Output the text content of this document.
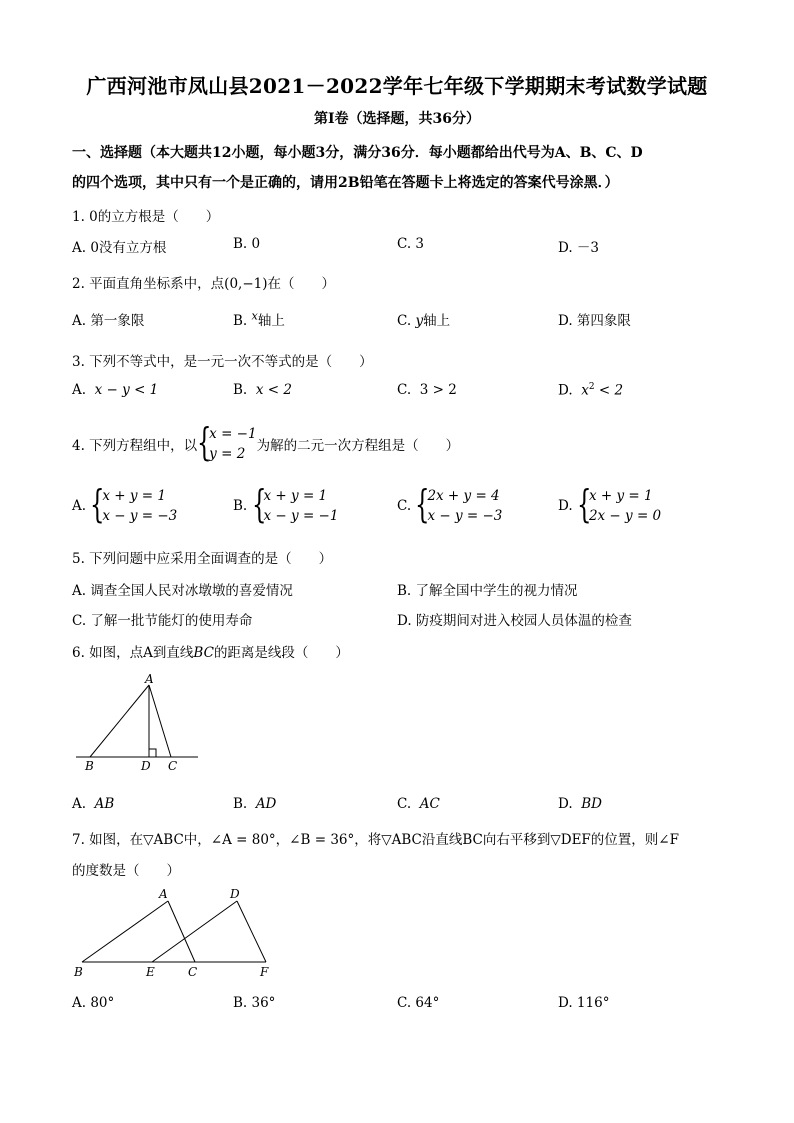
广西河池市凤山县2021－2022学年七年级下学期期末考试数学试题
第Ⅰ卷（选择题，共36分）
一、选择题（本大题共12小题，每小题3分，满分36分．每小题都给出代号为A、B、C、D
的四个选项，其中只有一个是正确的，请用2B铅笔在答题卡上将选定的答案代号涂黑．）
1. 0的立方根是（　　）
A. 0没有立方根	B. 0	C. 3	D. －3
2. 平面直角坐标系中，点(0,−1)在（　　）
A. 第一象限	B. $^x$轴上	C. y轴上	D. 第四象限
3. 下列不等式中，是一元一次不等式的是（　　）
A. x − y < 1	B. x < 2	C. 3 > 2	D. $x^2 < 2$
4. 下列方程组中，以 {
x = −1
y = 2 为解的二元一次方程组是（　　）
A. {
x + y = 1
x − y = −3
B. {
x + y = 1
x − y = −1
C. {
2x + y = 4
x − y = −3
D. {
x + y = 1
2x − y = 0
5. 下列问题中应采用全面调查的是（　　）
A. 调查全国人民对冰墩墩的喜爱情况	B. 了解全国中学生的视力情况
C. 了解一批节能灯的使用寿命	D. 防疫期间对进入校园人员体温的检查
6. 如图，点A到直线BC的距离是线段（　　）
A
B	D C
A. AB	B. AD	C. AC	D. BD
7. 如图，在▽ABC中，∠A = 80°，∠B = 36°，将▽ABC沿直线BC向右平移到▽DEF的位置，则∠F
的度数是（　　）
A	D
B	E	C	F
A. 80°	B. 36°	C. 64°	D. 116°
